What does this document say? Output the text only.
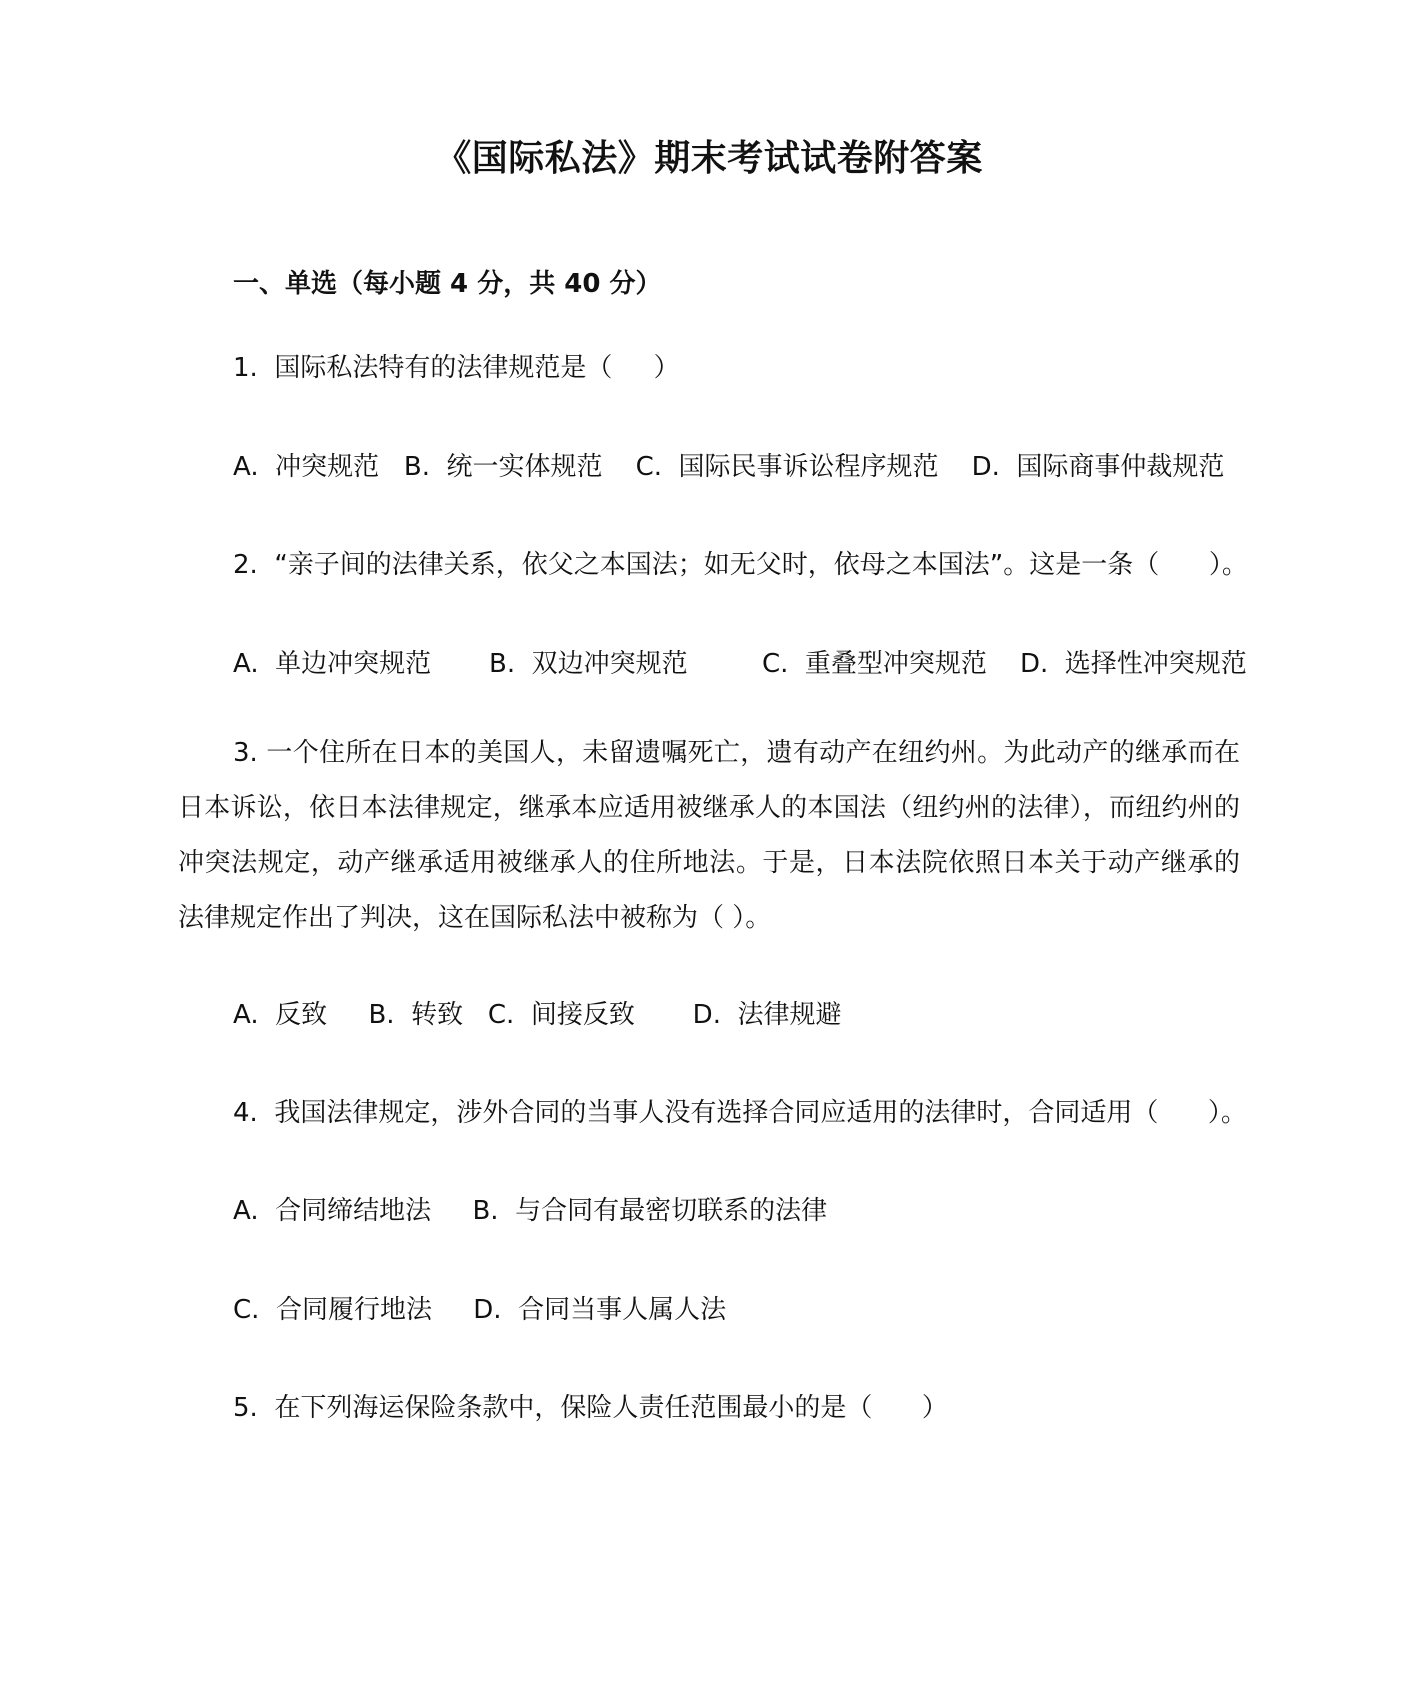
《国际私法》期末考试试卷附答案
一、单选（每小题 4 分，共 40 分）
1.  国际私法特有的法律规范是（     ）
A.  冲突规范   B.  统一实体规范    C.  国际民事诉讼程序规范    D.  国际商事仲裁规范
2.  “亲子间的法律关系，依父之本国法；如无父时，依母之本国法”。这是一条（      ）。
A.  单边冲突规范       B.  双边冲突规范         C.  重叠型冲突规范    D.  选择性冲突规范
3. 一个住所在日本的美国人，未留遗嘱死亡，遗有动产在纽约州。为此动产的继承而在日本诉讼，依日本法律规定，继承本应适用被继承人的本国法（纽约州的法律），而纽约州的冲突法规定，动产继承适用被继承人的住所地法。于是，日本法院依照日本关于动产继承的法律规定作出了判决，这在国际私法中被称为（ ）。
A.  反致     B.  转致   C.  间接反致       D.  法律规避
4.  我国法律规定，涉外合同的当事人没有选择合同应适用的法律时，合同适用（      ）。
A.  合同缔结地法     B.  与合同有最密切联系的法律
C.  合同履行地法     D.  合同当事人属人法
5.  在下列海运保险条款中，保险人责任范围最小的是（      ）
